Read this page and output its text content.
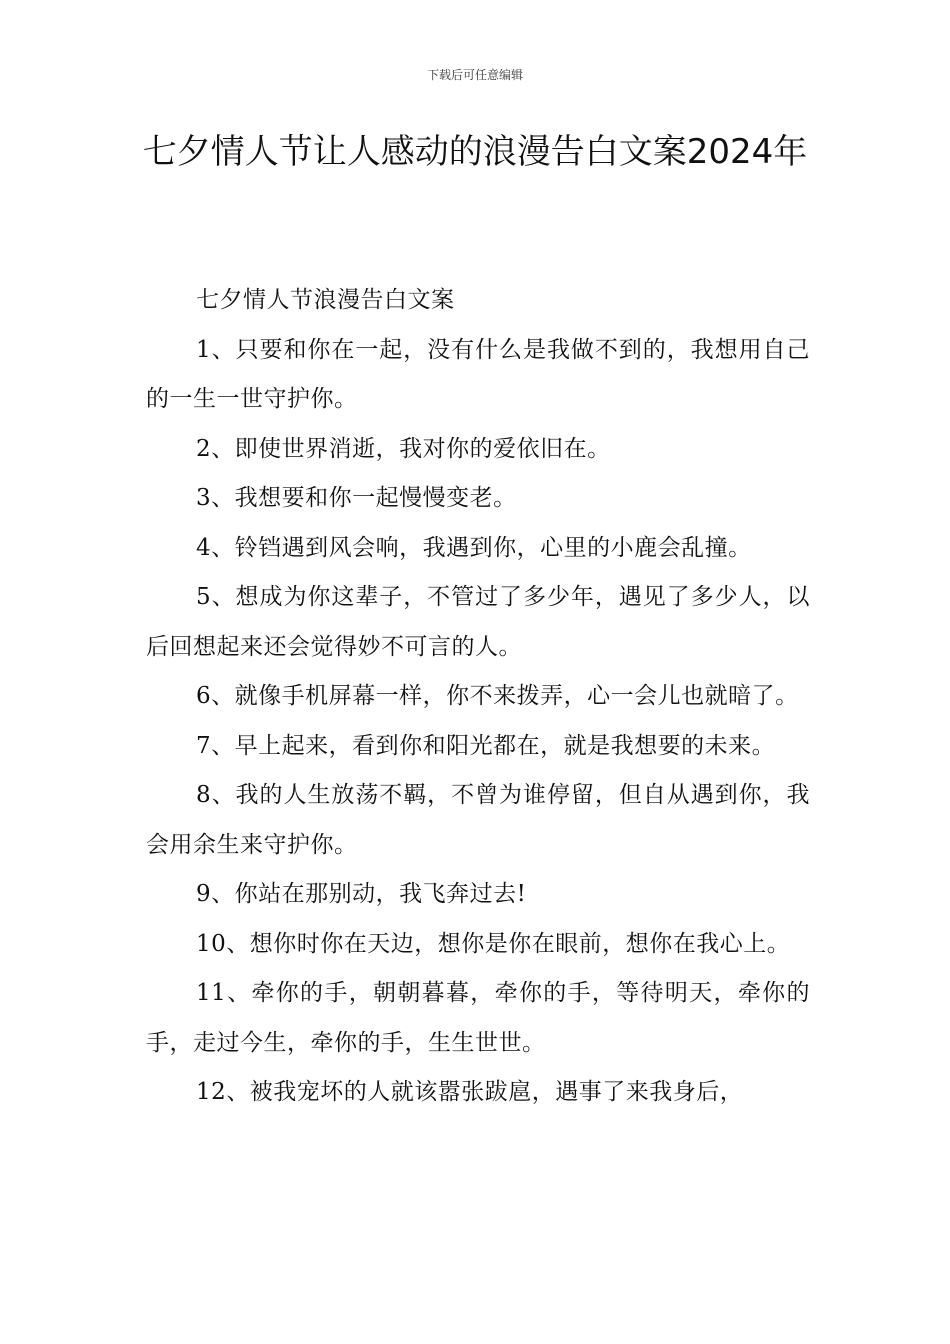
下载后可任意编辑
七夕情人节让人感动的浪漫告白文案2024年

七夕情人节浪漫告白文案

1、只要和你在一起，没有什么是我做不到的，我想用自己的一生一世守护你。

2、即使世界消逝，我对你的爱依旧在。

3、我想要和你一起慢慢变老。

4、铃铛遇到风会响，我遇到你，心里的小鹿会乱撞。

5、想成为你这辈子，不管过了多少年，遇见了多少人，以后回想起来还会觉得妙不可言的人。

6、就像手机屏幕一样，你不来拨弄，心一会儿也就暗了。

7、早上起来，看到你和阳光都在，就是我想要的未来。

8、我的人生放荡不羁，不曾为谁停留，但自从遇到你，我会用余生来守护你。

9、你站在那别动，我飞奔过去!

10、想你时你在天边，想你是你在眼前，想你在我心上。

11、牵你的手，朝朝暮暮，牵你的手，等待明天，牵你的手，走过今生，牵你的手，生生世世。

12、被我宠坏的人就该嚣张跋扈，遇事了来我身后，
